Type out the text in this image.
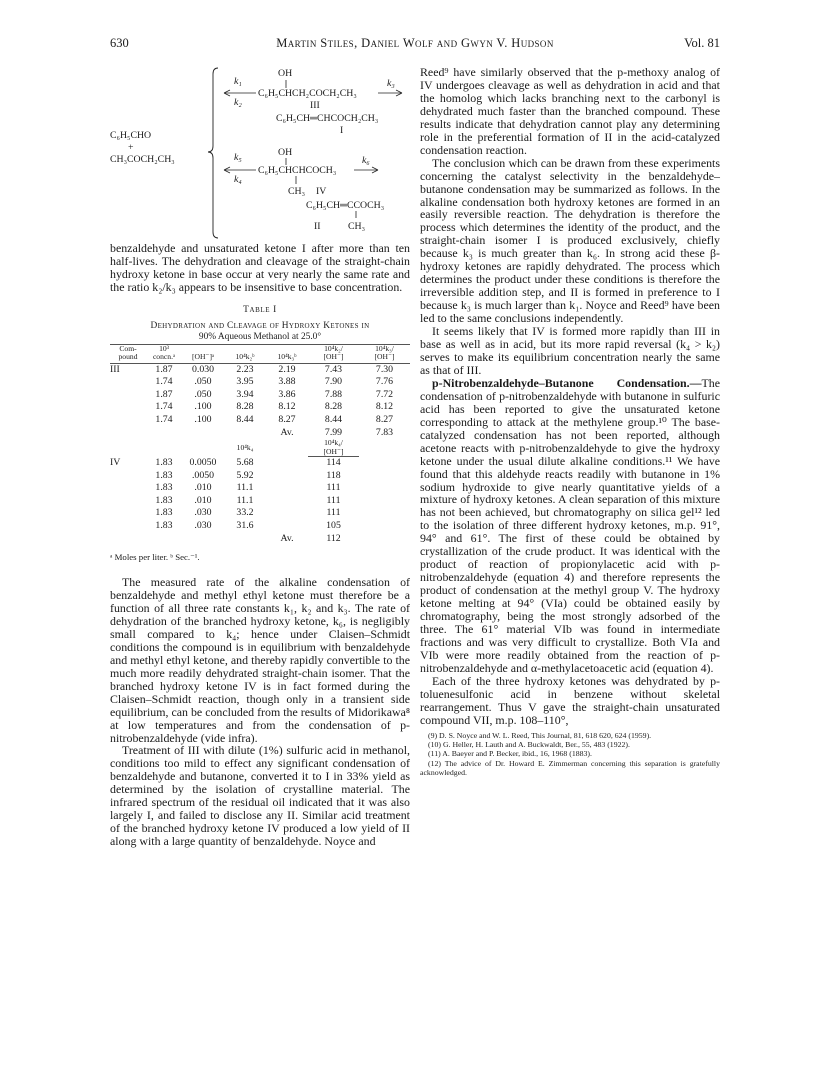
630	Martin Stiles, Daniel Wolf and Gwyn V. Hudson	Vol. 81
C₆H₅CHO
+
CH₃COCH₂CH₃
k₁
k₂
k₃
OH
C₆H₅CHCH₂COCH₂CH₃
III
C₆H₅CH═CHCOCH₂CH₃
I
k₅
k₄
k₆
OH
C₆H₅CHCHCOCH₃
CH₃ IV
C₆H₅CH═CCOCH₃
II	CH₃

benzaldehyde and unsaturated ketone I after more than ten half-lives. The dehydration and cleavage of the straight-chain hydroxy ketone in base occur at very nearly the same rate and the ratio k₂/k₃ appears to be insensitive to base concentration.

Table I
Dehydration and Cleavage of Hydroxy Ketones in
90% Aqueous Methanol at 25.0°
Com-
pound	10³
concn.ᵃ	[OH⁻]ᵃ	10⁴k₂ᵇ	10⁴k₃ᵇ	10⁴k₂/
[OH⁻]	10⁴k₃/
[OH⁻]
III	1.87	0.030	2.23	2.19	7.43	7.30
	1.74	.050	3.95	3.88	7.90	7.76
	1.87	.050	3.94	3.86	7.88	7.72
	1.74	.100	8.28	8.12	8.28	8.12
	1.74	.100	8.44	8.27	8.44	8.27
				Av.	7.99	7.83
			10⁴k₄		10⁴k₄/
[OH⁻]	
IV	1.83	0.0050	5.68		114	
	1.83	.0050	5.92		118	
	1.83	.010	11.1		111	
	1.83	.010	11.1		111	
	1.83	.030	33.2		111	
	1.83	.030	31.6		105	
				Av.	112	
ᵃ Moles per liter. ᵇ Sec.⁻¹.

The measured rate of the alkaline condensation of benzaldehyde and methyl ethyl ketone must therefore be a function of all three rate constants k₁, k₂ and k₃. The rate of dehydration of the branched hydroxy ketone, k₆, is negligibly small compared to k₄; hence under Claisen–Schmidt conditions the compound is in equilibrium with benzaldehyde and methyl ethyl ketone, and thereby rapidly convertible to the much more readily dehydrated straight-chain isomer. That the branched hydroxy ketone IV is in fact formed during the Claisen–Schmidt reaction, though only in a transient side equilibrium, can be concluded from the results of Midorikawa⁸ at low temperatures and from the condensation of p-nitrobenzaldehyde (vide infra).

Treatment of III with dilute (1%) sulfuric acid in methanol, conditions too mild to effect any significant condensation of benzaldehyde and butanone, converted it to I in 33% yield as determined by the isolation of crystalline material. The infrared spectrum of the residual oil indicated that it was also largely I, and failed to disclose any II. Similar acid treatment of the branched hydroxy ketone IV produced a low yield of II along with a large quantity of benzaldehyde. Noyce and

Reed⁹ have similarly observed that the p-methoxy analog of IV undergoes cleavage as well as dehydration in acid and that the homolog which lacks branching next to the carbonyl is dehydrated much faster than the branched compound. These results indicate that dehydration cannot play any determining role in the preferential formation of II in the acid-catalyzed condensation reaction.

The conclusion which can be drawn from these experiments concerning the catalyst selectivity in the benzaldehyde–butanone condensation may be summarized as follows. In the alkaline condensation both hydroxy ketones are formed in an easily reversible reaction. The dehydration is therefore the process which determines the identity of the product, and the straight-chain isomer I is produced exclusively, chiefly because k₃ is much greater than k₆. In strong acid these β-hydroxy ketones are rapidly dehydrated. The process which determines the product under these conditions is therefore the irreversible addition step, and II is formed in preference to I because k₃ is much larger than k₁. Noyce and Reed⁹ have been led to the same conclusions independently.

It seems likely that IV is formed more rapidly than III in base as well as in acid, but its more rapid reversal (k₄ > k₂) serves to make its equilibrium concentration nearly the same as that of III.

p-Nitrobenzaldehyde–Butanone Condensation.—The condensation of p-nitrobenzaldehyde with butanone in sulfuric acid has been reported to give the unsaturated ketone corresponding to attack at the methylene group.¹⁰ The base-catalyzed condensation has not been reported, although acetone reacts with p-nitrobenzaldehyde to give the hydroxy ketone under the usual dilute alkaline conditions.¹¹ We have found that this aldehyde reacts readily with butanone in 1% sodium hydroxide to give nearly quantitative yields of a mixture of hydroxy ketones. A clean separation of this mixture has not been achieved, but chromatography on silica gel¹² led to the isolation of three different hydroxy ketones, m.p. 91°, 94° and 61°. The first of these could be obtained by crystallization of the crude product. It was identical with the product of reaction of propionylacetic acid with p-nitrobenzaldehyde (equation 4) and therefore represents the product of condensation at the methyl group V. The hydroxy ketone melting at 94° (VIa) could be obtained easily by chromatography, being the most strongly adsorbed of the three. The 61° material VIb was found in intermediate fractions and was very difficult to crystallize. Both VIa and VIb were more readily obtained from the reaction of p-nitrobenzaldehyde and α-methylacetoacetic acid (equation 4).

Each of the three hydroxy ketones was dehydrated by p-toluenesulfonic acid in benzene without skeletal rearrangement. Thus V gave the straight-chain unsaturated compound VII, m.p. 108–110°,

(9) D. S. Noyce and W. L. Reed, This Journal, 81, 618 620, 624 (1959).

(10) G. Heller, H. Lauth and A. Buckwaldt, Ber., 55, 483 (1922).

(11) A. Baeyer and P. Becker, ibid., 16, 1968 (1883).

(12) The advice of Dr. Howard E. Zimmerman concerning this separation is gratefully acknowledged.
